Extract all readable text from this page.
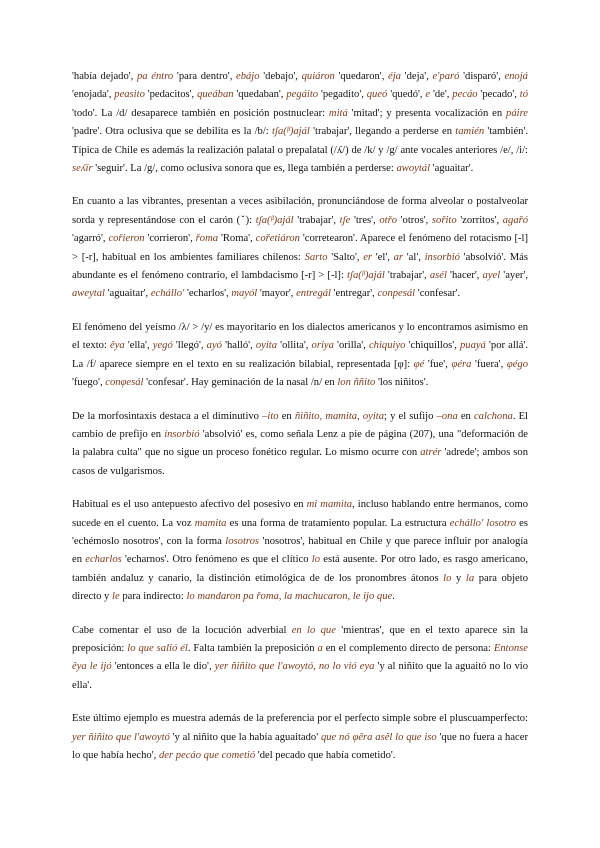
'había dejado', pa éntro 'para dentro', ebájo 'debajo', quiáron 'quedaron', éja 'deja', e'paró 'disparó', enojá 'enojada', peasito 'pedacitos', queában 'quedaban', pegáito 'pegadito', queó 'quedó', e 'de', pecáo 'pecado', tó 'todo'. La /d/ desaparece también en posición postnuclear: mitá 'mitad'; y presenta vocalización en páire 'padre'. Otra oclusiva que se debilita es la /b/: tʃa(ᵝ)ajál 'trabajar', llegando a perderse en tamién 'también'. Típica de Chile es además la realización palatal o prepalatal (/ʎ/) de /k/ y /g/ ante vocales anteriores /e/, /i/: seʎír 'seguir'. La /g/, como oclusiva sonora que es, llega también a perderse: awoytál 'aguaitar'.

En cuanto a las vibrantes, presentan a veces asibilación, pronunciándose de forma alveolar o postalveolar sorda y representándose con el carón (ˇ): tʃa(ᵝ)ajál 'trabajar', tʃe 'tres', otřo 'otros', sořito 'zorritos', agařó 'agarró', cořieron 'corrieron', řoma 'Roma', cořetiáron 'corretearon'. Aparece el fenómeno del rotacismo [-l] > [-r], habitual en los ambientes familiares chilenos: Sarto 'Salto', er 'el', ar 'al', insorbió 'absolvió'. Más abundante es el fenómeno contrario, el lambdacismo [-r] > [-l]: tʃa(ᵝ)ajál 'trabajar', asél 'hacer', ayel 'ayer', aweytal 'aguaitar', echállo' 'echarlos', mayól 'mayor', entregál 'entregar', conpesál 'confesar'.

El fenómeno del yeísmo /λ/ > /y/ es mayoritario en los dialectos americanos y lo encontramos asimismo en el texto: êya 'ella', yegó 'llegó', ayó 'halló', oyita 'ollita', oriya 'orilla', chiquiyo 'chiquillos', puayá 'por allá'. La /f/ aparece siempre en el texto en su realización bilabial, representada [φ]: φé 'fue', φéra 'fuera', φégo 'fuego', conφesál 'confesar'. Hay geminación de la nasal /n/ en lon ññito 'los niñitos'.

De la morfosintaxis destaca a el diminutivo –ito en ñiñito, mamita, oyita; y el sufijo –ona en calchona. El cambio de prefijo en insorbió 'absolvió' es, como señala Lenz a pie de página (207), una "deformación de la palabra culta" que no sigue un proceso fonético regular. Lo mismo ocurre con atrér 'adrede'; ambos son casos de vulgarismos.

Habitual es el uso antepuesto afectivo del posesivo en mi mamita, incluso hablando entre hermanos, como sucede en el cuento. La voz mamita es una forma de tratamiento popular. La estructura echállo' losotro es 'echémoslo nosotros', con la forma losotros 'nosotros', habitual en Chile y que parece influir por analogía en echarlos 'echarnos'. Otro fenómeno es que el clítico lo está ausente. Por otro lado, es rasgo americano, también andaluz y canario, la distinción etimológica de de los pronombres átonos lo y la para objeto directo y le para indirecto: lo mandaron pa řoma, la machucaron, le ijo que.

Cabe comentar el uso de la locución adverbial en lo que 'mientras', que en el texto aparece sin la preposición: lo que salió él. Falta también la preposición a en el complemento directo de persona: Entonse êya le ijó 'entonces a ella le dio', yer ñiñito que l'awoytó, no lo vió eya 'y al niñito que la aguaitó no lo vio ella'.

Este último ejemplo es muestra además de la preferencia por el perfecto simple sobre el pluscuamperfecto: yer ñiñito que l'awoytó 'y al niñito que la había aguaitado' que nó φêra asêl lo que iso 'que no fuera a hacer lo que había hecho', der pecáo que cometió 'del pecado que había cometido'.
